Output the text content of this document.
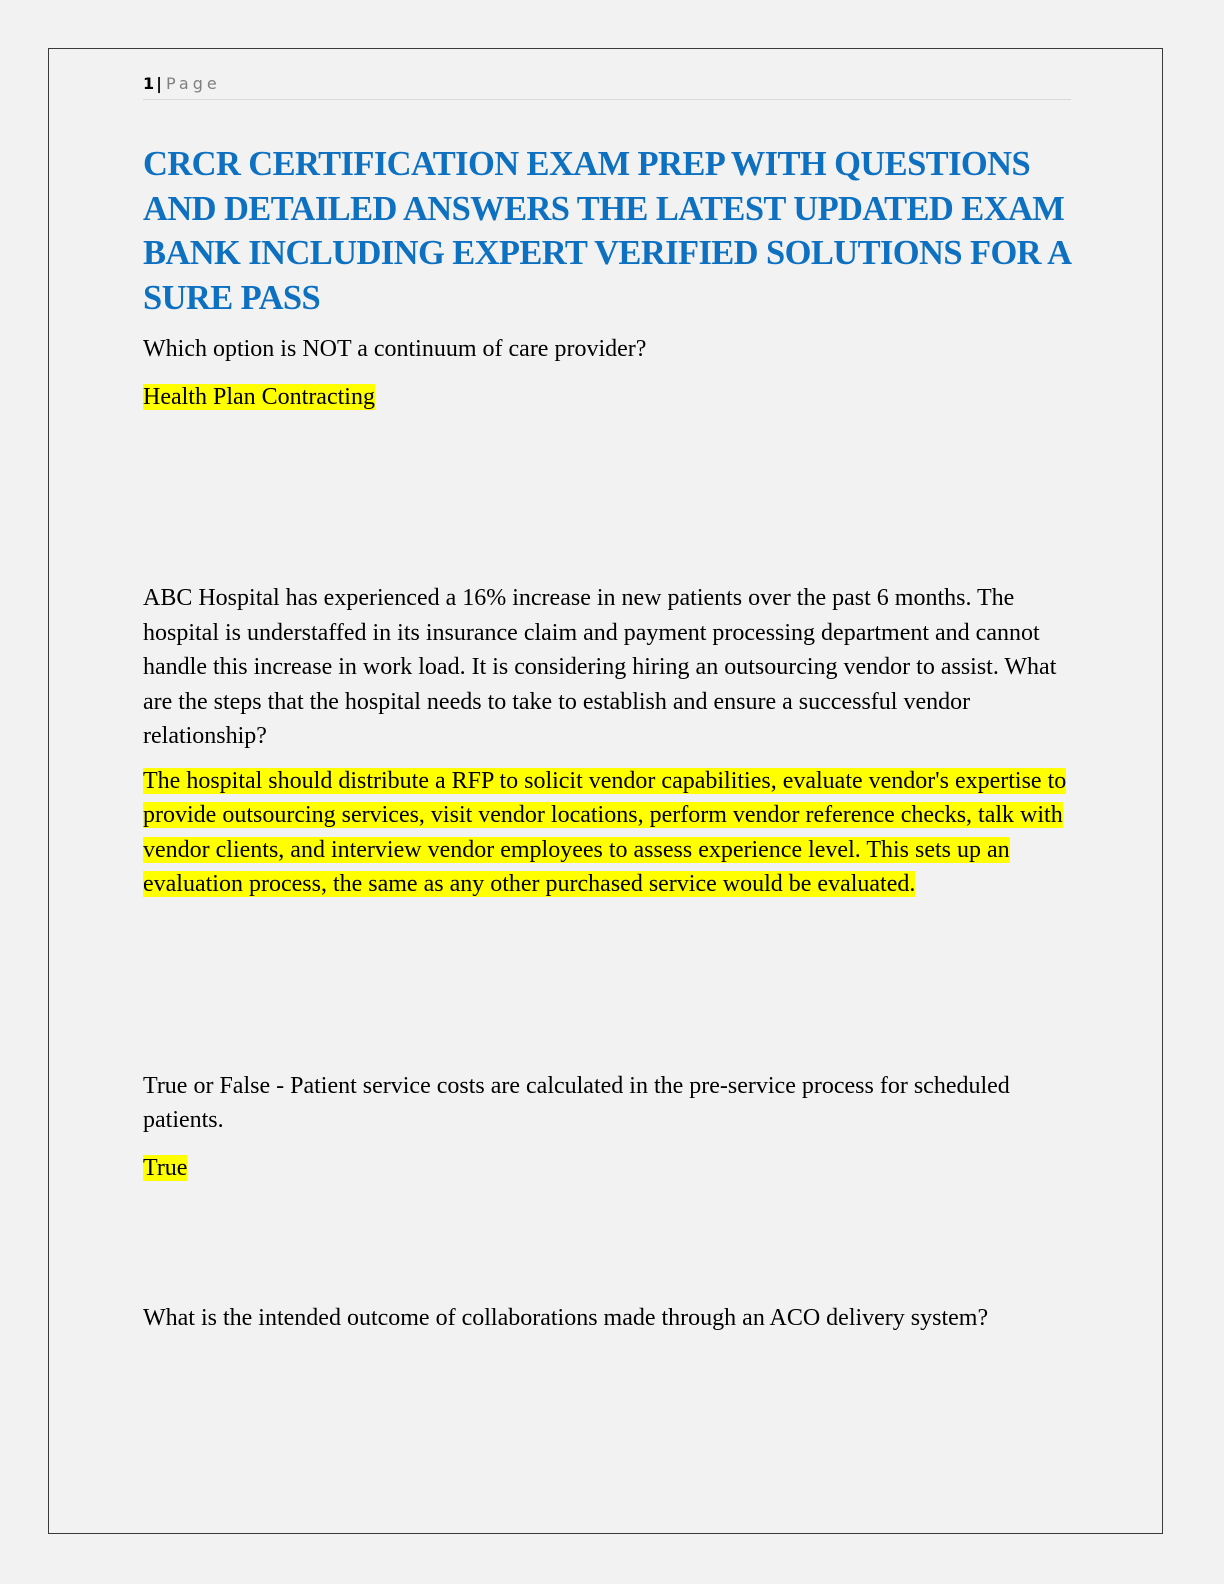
1 | Page
CRCR CERTIFICATION EXAM PREP WITH QUESTIONS AND DETAILED ANSWERS THE LATEST UPDATED EXAM BANK INCLUDING EXPERT VERIFIED SOLUTIONS FOR A SURE PASS

Which option is NOT a continuum of care provider?

Health Plan Contracting

ABC Hospital has experienced a 16% increase in new patients over the past 6 months. The hospital is understaffed in its insurance claim and payment processing department and cannot handle this increase in work load. It is considering hiring an outsourcing vendor to assist. What are the steps that the hospital needs to take to establish and ensure a successful vendor relationship?

The hospital should distribute a RFP to solicit vendor capabilities, evaluate vendor's expertise to provide outsourcing services, visit vendor locations, perform vendor reference checks, talk with vendor clients, and interview vendor employees to assess experience level. This sets up an evaluation process, the same as any other purchased service would be evaluated.

True or False - Patient service costs are calculated in the pre-service process for scheduled patients.

True

What is the intended outcome of collaborations made through an ACO delivery system?
